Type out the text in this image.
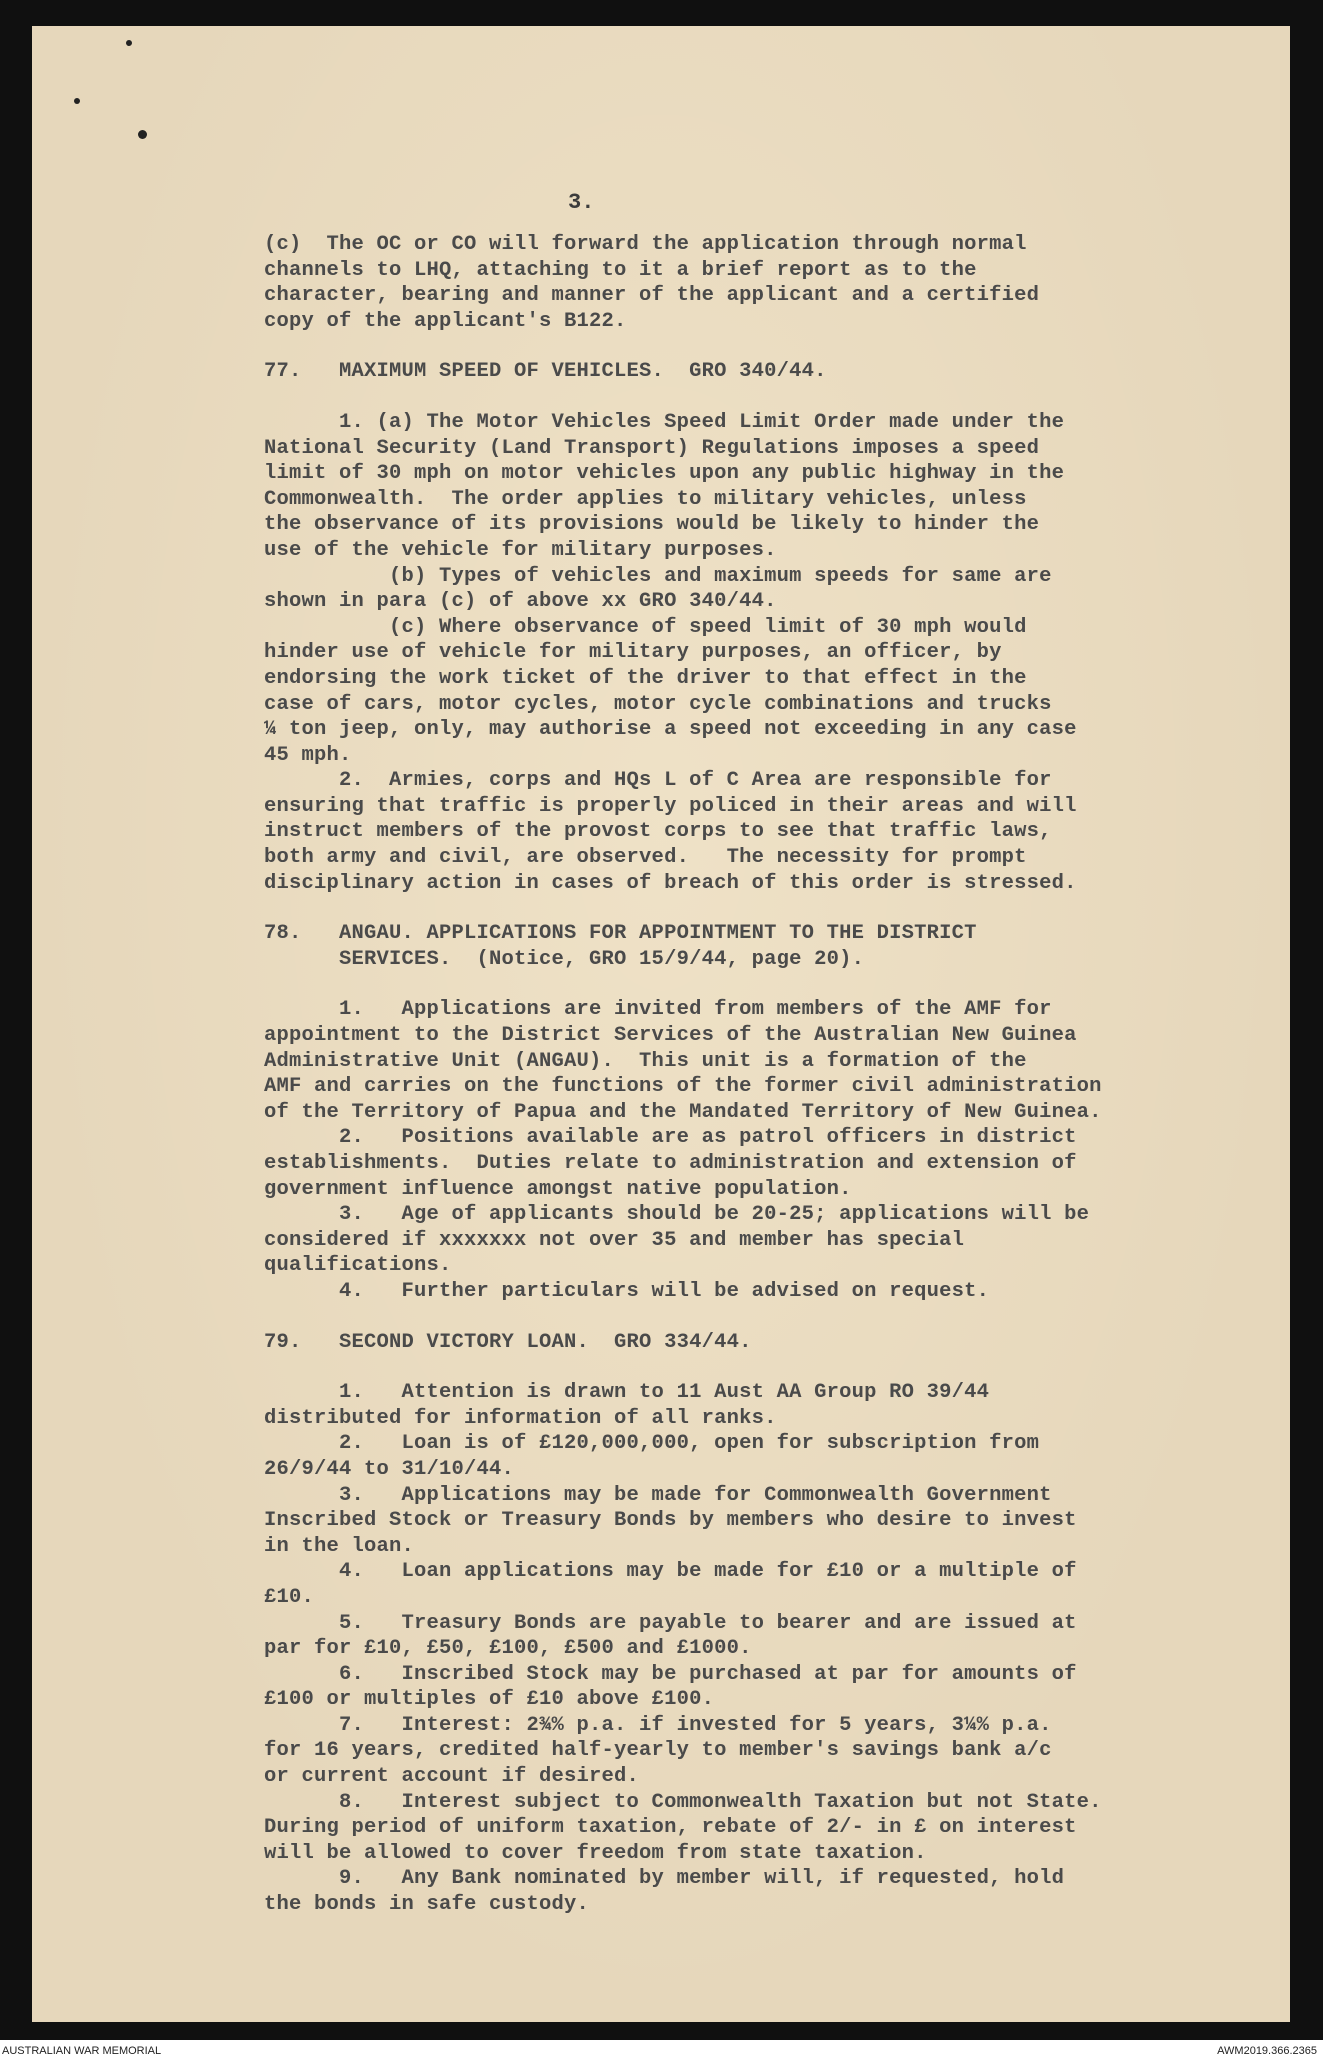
3.
(c)  The OC or CO will forward the application through normal
channels to LHQ, attaching to it a brief report as to the
character, bearing and manner of the applicant and a certified
copy of the applicant's B122.
77.   MAXIMUM SPEED OF VEHICLES.  GRO 340/44.
1. (a) The Motor Vehicles Speed Limit Order made under the
National Security (Land Transport) Regulations imposes a speed
limit of 30 mph on motor vehicles upon any public highway in the
Commonwealth.  The order applies to military vehicles, unless
the observance of its provisions would be likely to hinder the
use of the vehicle for military purposes.
(b) Types of vehicles and maximum speeds for same are
shown in para (c) of above xx GRO 340/44.
(c) Where observance of speed limit of 30 mph would
hinder use of vehicle for military purposes, an officer, by
endorsing the work ticket of the driver to that effect in the
case of cars, motor cycles, motor cycle combinations and trucks
¼ ton jeep, only, may authorise a speed not exceeding in any case
45 mph.
2.  Armies, corps and HQs L of C Area are responsible for
ensuring that traffic is properly policed in their areas and will
instruct members of the provost corps to see that traffic laws,
both army and civil, are observed.   The necessity for prompt
disciplinary action in cases of breach of this order is stressed.
78.   ANGAU. APPLICATIONS FOR APPOINTMENT TO THE DISTRICT
SERVICES.  (Notice, GRO 15/9/44, page 20).
1.   Applications are invited from members of the AMF for
appointment to the District Services of the Australian New Guinea
Administrative Unit (ANGAU).  This unit is a formation of the
AMF and carries on the functions of the former civil administration
of the Territory of Papua and the Mandated Territory of New Guinea.
2.   Positions available are as patrol officers in district
establishments.  Duties relate to administration and extension of
government influence amongst native population.
3.   Age of applicants should be 20-25; applications will be
considered if xxxxxxx not over 35 and member has special
qualifications.
4.   Further particulars will be advised on request.
79.   SECOND VICTORY LOAN.  GRO 334/44.
1.   Attention is drawn to 11 Aust AA Group RO 39/44
distributed for information of all ranks.
2.   Loan is of £120,000,000, open for subscription from
26/9/44 to 31/10/44.
3.   Applications may be made for Commonwealth Government
Inscribed Stock or Treasury Bonds by members who desire to invest
in the loan.
4.   Loan applications may be made for £10 or a multiple of
£10.
5.   Treasury Bonds are payable to bearer and are issued at
par for £10, £50, £100, £500 and £1000.
6.   Inscribed Stock may be purchased at par for amounts of
£100 or multiples of £10 above £100.
7.   Interest: 2¾% p.a. if invested for 5 years, 3¼% p.a.
for 16 years, credited half-yearly to member's savings bank a/c
or current account if desired.
8.   Interest subject to Commonwealth Taxation but not State.
During period of uniform taxation, rebate of 2/- in £ on interest
will be allowed to cover freedom from state taxation.
9.   Any Bank nominated by member will, if requested, hold
the bonds in safe custody.
AUSTRALIAN WAR MEMORIAL	AWM2019.366.2365
